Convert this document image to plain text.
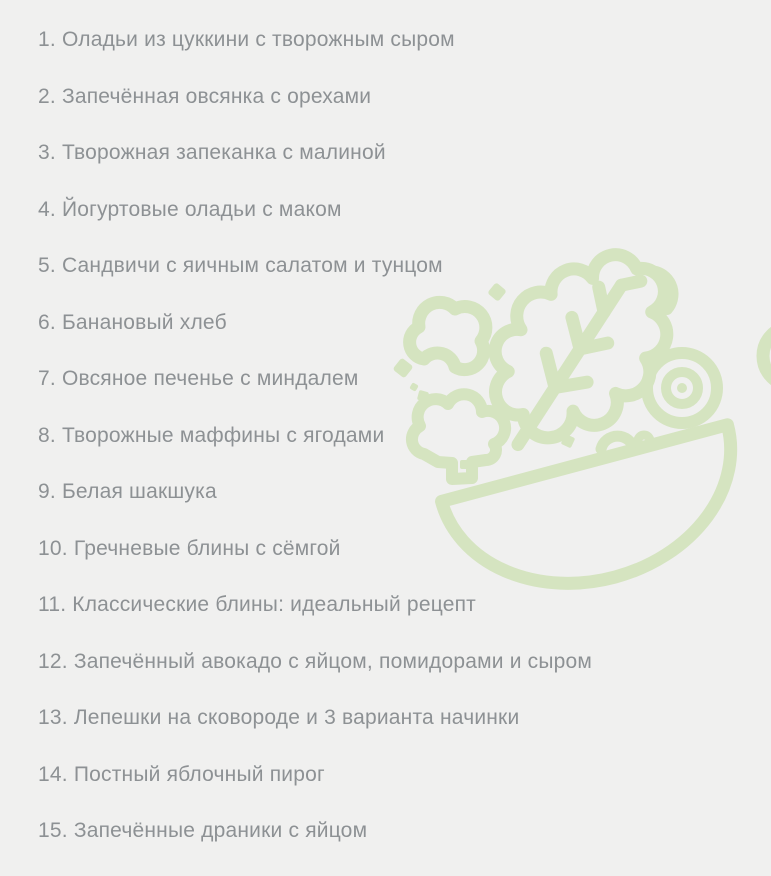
1. Оладьи из цуккини с творожным сыром
2. Запечённая овсянка с орехами
3. Творожная запеканка с малиной
4. Йогуртовые оладьи с маком
5. Сандвичи с яичным салатом и тунцом
6. Банановый хлеб
7. Овсяное печенье с миндалем
8. Творожные маффины с ягодами
9. Белая шакшука
10. Гречневые блины с сёмгой
11. Классические блины: идеальный рецепт
12. Запечённый авокадо с яйцом, помидорами и сыром
13. Лепешки на сковороде и 3 варианта начинки
14. Постный яблочный пирог
15. Запечённые драники с яйцом
